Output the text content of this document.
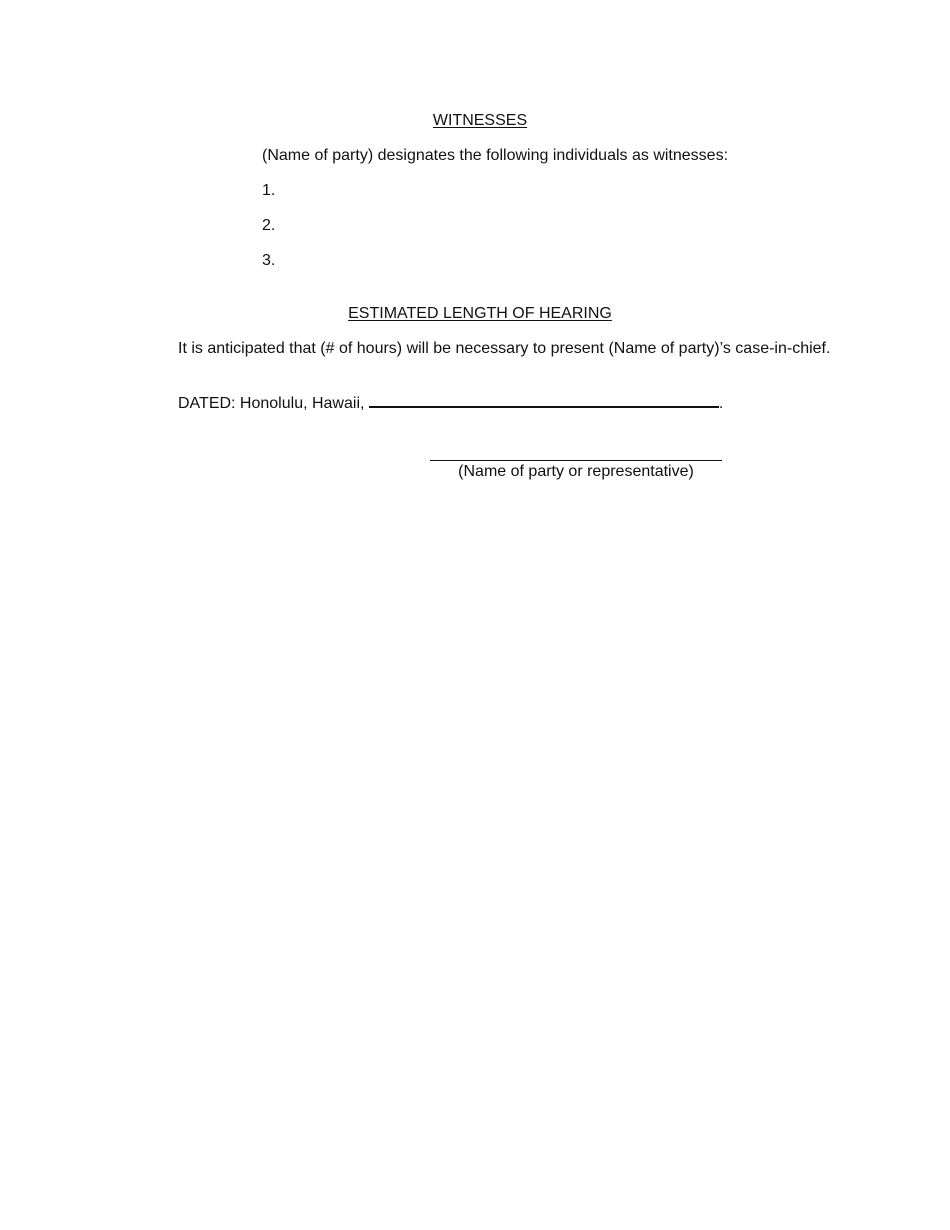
WITNESSES
(Name of party) designates the following individuals as witnesses:
1.
2.
3.
ESTIMATED LENGTH OF HEARING
It is anticipated that (# of hours) will be necessary to present (Name of party)’s case-in-chief.
DATED: Honolulu, Hawaii,	.
(Name of party or representative)
